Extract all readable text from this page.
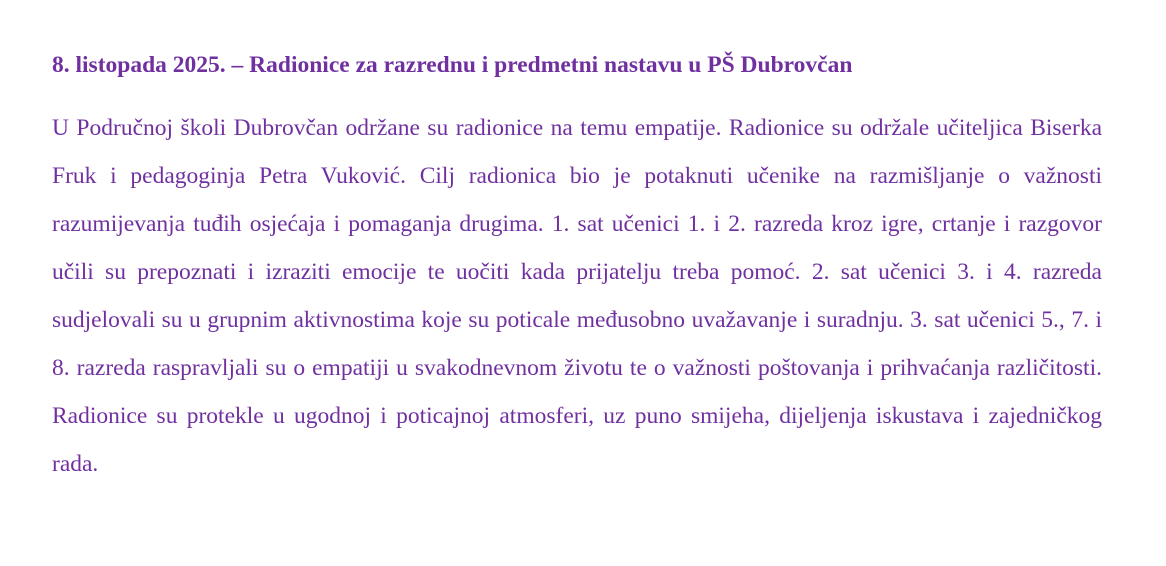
8. listopada 2025. – Radionice za razrednu i predmetni nastavu u PŠ Dubrovčan

U Područnoj školi Dubrovčan održane su radionice na temu empatije. Radionice su održale učiteljica Biserka Fruk i pedagoginja Petra Vuković. Cilj radionica bio je potaknuti učenike na razmišljanje o važnosti razumijevanja tuđih osjećaja i pomaganja drugima. 1. sat učenici 1. i 2. razreda kroz igre, crtanje i razgovor učili su prepoznati i izraziti emocije te uočiti kada prijatelju treba pomoć. 2. sat učenici 3. i 4. razreda sudjelovali su u grupnim aktivnostima koje su poticale međusobno uvažavanje i suradnju. 3. sat učenici 5., 7. i 8. razreda raspravljali su o empatiji u svakodnevnom životu te o važnosti poštovanja i prihvaćanja različitosti. Radionice su protekle u ugodnoj i poticajnoj atmosferi, uz puno smijeha, dijeljenja iskustava i zajedničkog rada.
